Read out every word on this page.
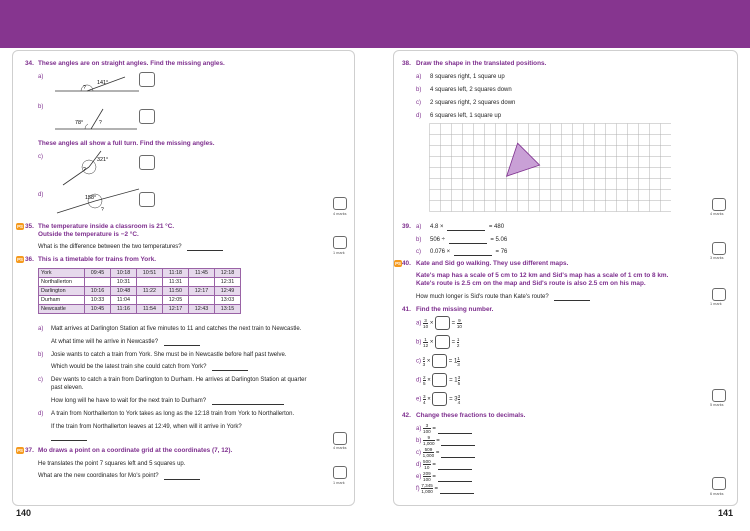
34. These angles are on straight angles. Find the missing angles.
a)
141°
?
b)
78°	?
These angles all show a full turn. Find the missing angles.
c)	321°
?
d)	158°
?
4 marks
PS 35. The temperature inside a classroom is 21 °C.
Outside the temperature is −2 °C.
What is the difference between the two temperatures?
1 mark
PS 36. This is a timetable for trains from York.
York	09:45	10:18	10:51	11:18	11:45	12:18
Northallerton		10:31		11:31		12:31
Darlington	10:16	10:48	11:22	11:50	12:17	12:49
Durham	10:33	11:04		12:05		13:03
Newcastle	10:45	11:16	11:54	12:17	12:43	13:15
a) Matt arrives at Darlington Station at five minutes to 11 and catches the next train to Newcastle.
At what time will he arrive in Newcastle?
b) Josie wants to catch a train from York. She must be in Newcastle before half past twelve.
Which would be the latest train she could catch from York?
c) Dev wants to catch a train from Darlington to Durham. He arrives at Darlington Station at quarter
past eleven.
How long will he have to wait for the next train to Durham?
d) A train from Northallerton to York takes as long as the 12:18 train from York to Northallerton.
If the train from Northallerton leaves at 12:49, when will it arrive in York?
4 marks
PS 37. Mo draws a point on a coordinate grid at the coordinates (7, 12).
He translates the point 7 squares left and 5 squares up.
What are the new coordinates for Mo's point?
1 mark
140
38. Draw the shape in the translated positions.
a) 8 squares right, 1 square up
b) 4 squares left, 2 squares down
c) 2 squares right, 2 squares down
d) 6 squares left, 1 square up
4 marks
39. a) 4.8 ×	= 480
b) 506 ÷	= 5.06
c) 0.076 ×	= 76
3 marks
PS 40. Kate and Sid go walking. They use different maps.
Kate's map has a scale of 5 cm to 12 km and Sid's map has a scale of 1 cm to 8 km.
Kate's route is 2.5 cm on the map and Sid's route is also 2.5 cm on his map.
How much longer is Sid's route than Kate's route?
1 mark
41. Find the missing number.
$a) \frac{3}{10}$ ×	= $\frac{9}{10}$
$b) \frac{1}{12}$ ×	= $\frac{1}{2}$
$c) \frac{2}{3}$ ×	= $1 \frac{1}{3}$
$d) \frac{2}{5}$ ×	= $1 \frac{3}{5}$
$e) \frac{3}{4}$ ×	= $3 \frac{3}{4}$
5 marks
42. Change these fractions to decimals.
$a) \frac{3}{100}$ =
$b) \frac{9}{1,000}$ =
$c) \frac{509}{1,000}$ =
$d) \frac{500}{10}$ =
$e) \frac{209}{100}$ =
$f) \frac{7,345}{1,000}$ =
6 marks
141
